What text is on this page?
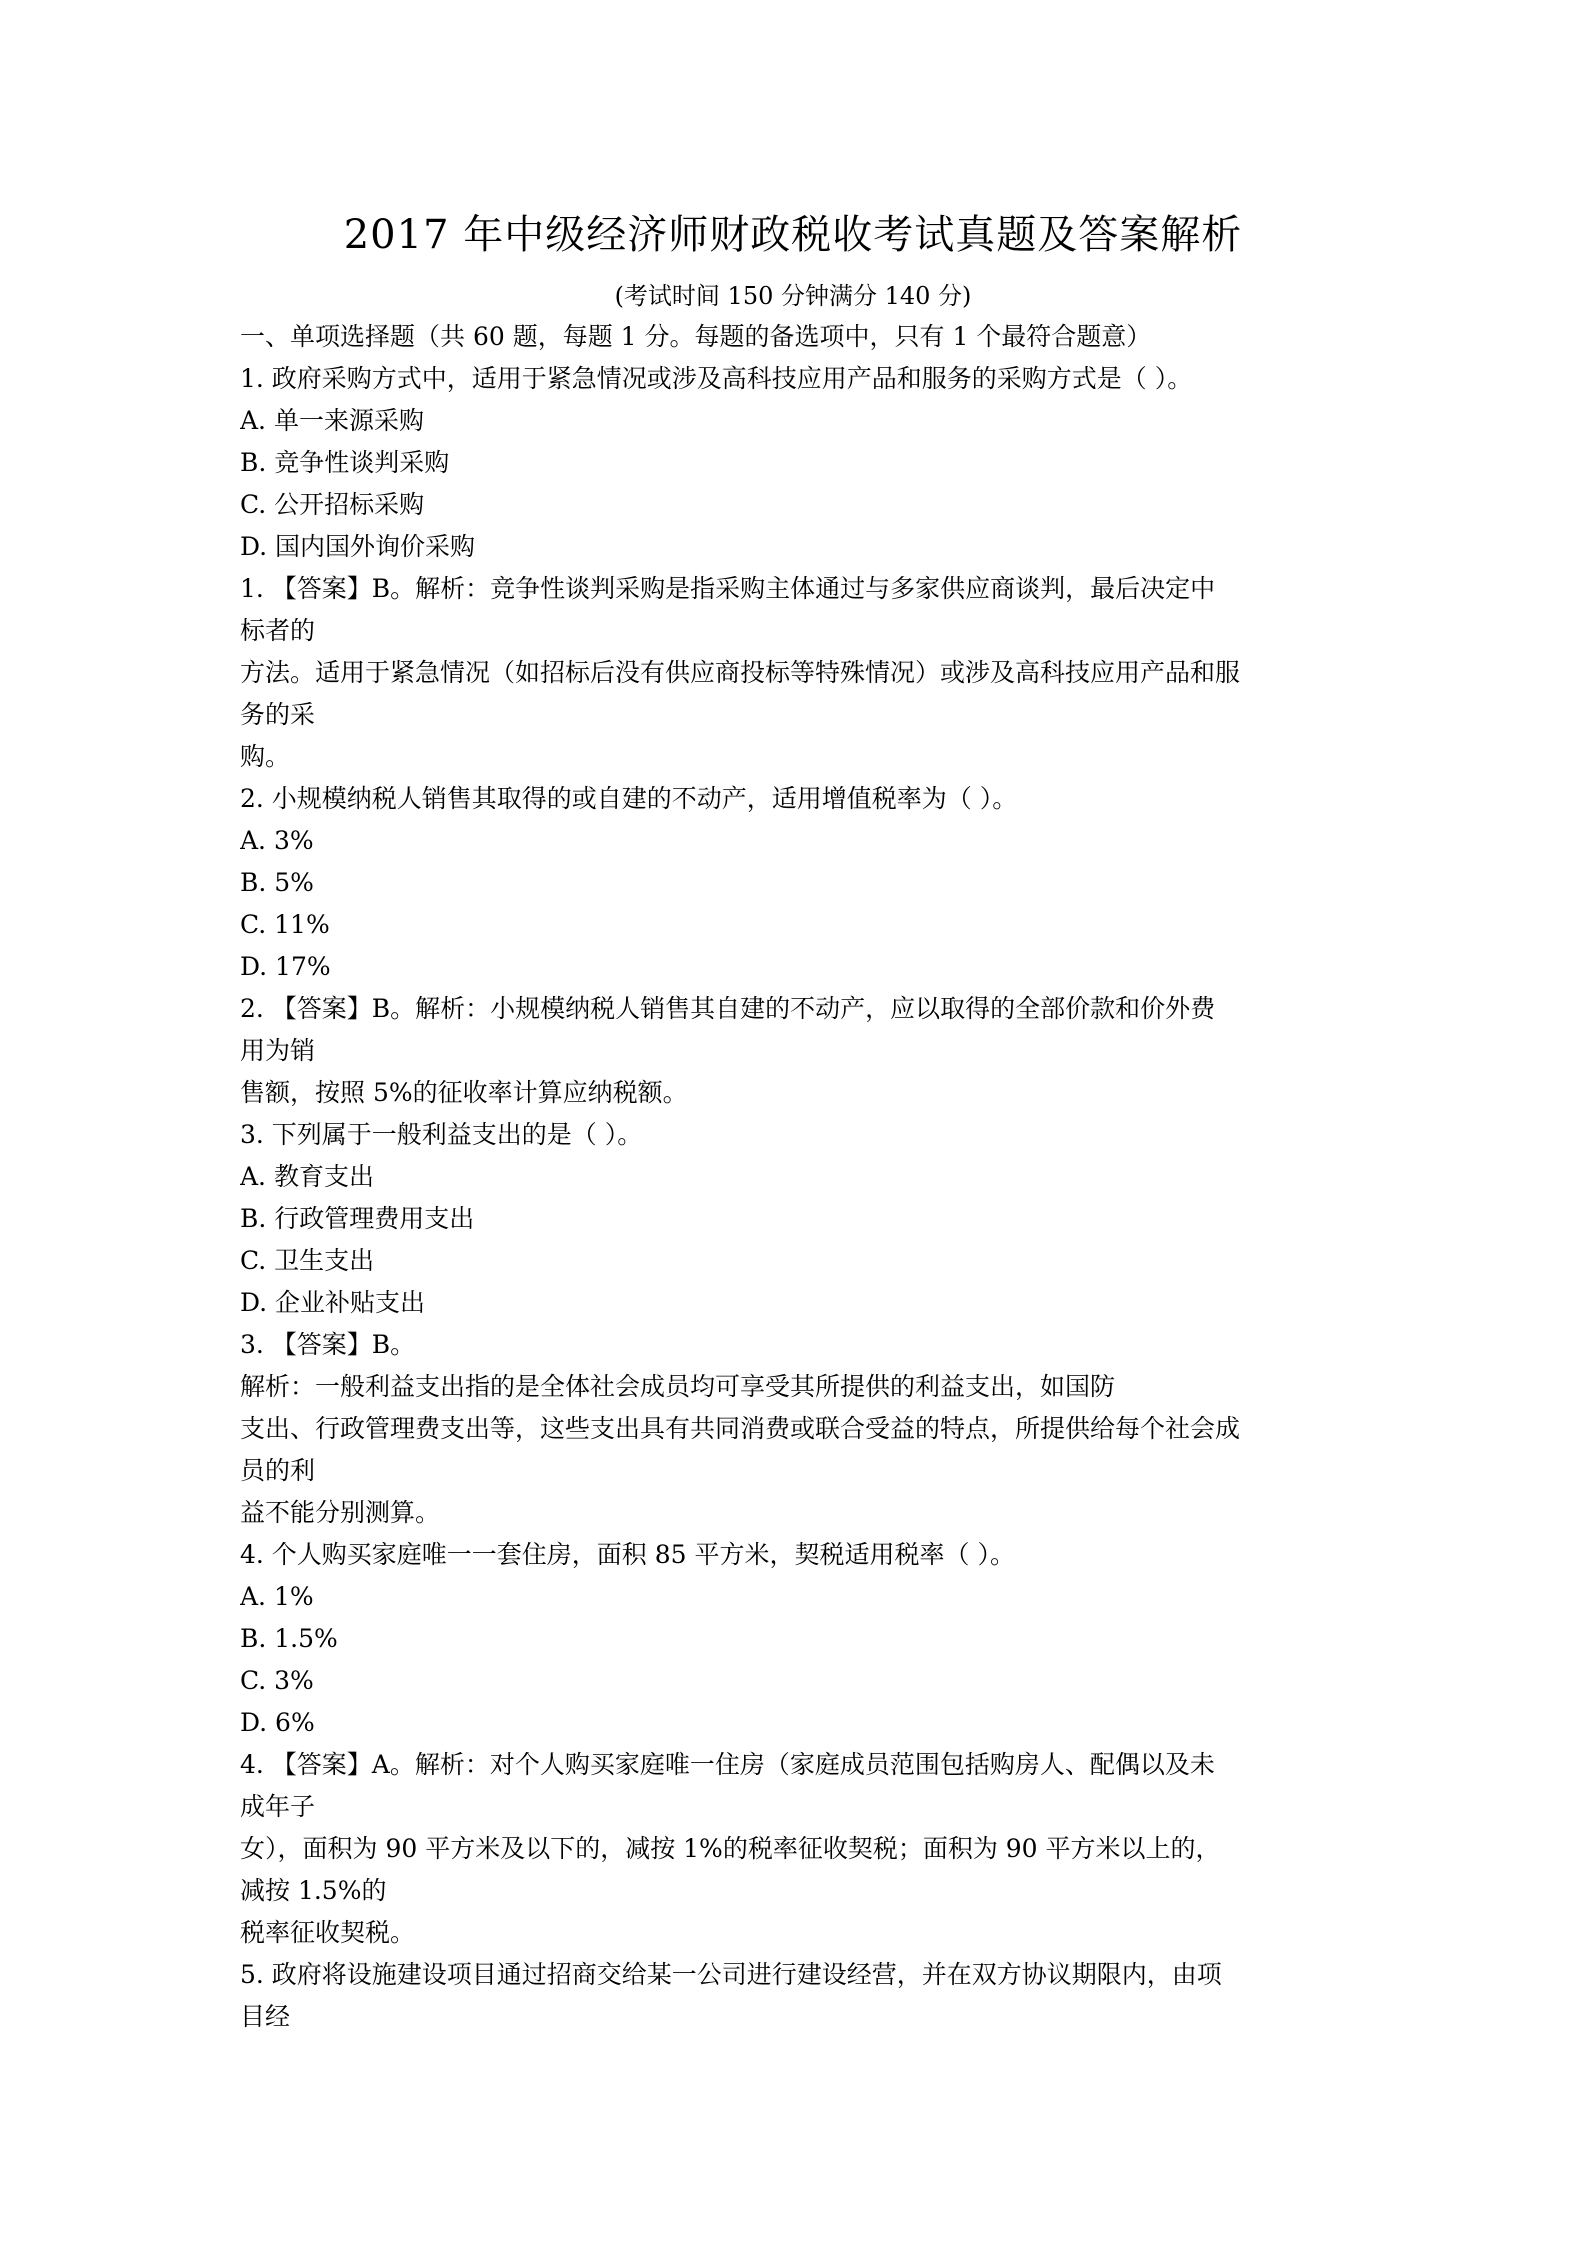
2017 年中级经济师财政税收考试真题及答案解析
(考试时间 150 分钟满分 140 分)
一、单项选择题（共 60 题，每题 1 分。每题的备选项中，只有 1 个最符合题意）
1. 政府采购方式中，适用于紧急情况或涉及高科技应用产品和服务的采购方式是（ ）。
A. 单一来源采购
B. 竞争性谈判采购
C. 公开招标采购
D. 国内国外询价采购
1. 【答案】B。解析：竞争性谈判采购是指采购主体通过与多家供应商谈判，最后决定中
标者的
方法。适用于紧急情况（如招标后没有供应商投标等特殊情况）或涉及高科技应用产品和服
务的采
购。
2. 小规模纳税人销售其取得的或自建的不动产，适用增值税率为（ ）。
A. 3%
B. 5%
C. 11%
D. 17%
2. 【答案】B。解析：小规模纳税人销售其自建的不动产，应以取得的全部价款和价外费
用为销
售额，按照 5%的征收率计算应纳税额。
3. 下列属于一般利益支出的是（ ）。
A. 教育支出
B. 行政管理费用支出
C. 卫生支出
D. 企业补贴支出
3. 【答案】B。
解析：一般利益支出指的是全体社会成员均可享受其所提供的利益支出，如国防
支出、行政管理费支出等，这些支出具有共同消费或联合受益的特点，所提供给每个社会成
员的利
益不能分别测算。
4. 个人购买家庭唯一一套住房，面积 85 平方米，契税适用税率（ ）。
A. 1%
B. 1.5%
C. 3%
D. 6%
4. 【答案】A。解析：对个人购买家庭唯一住房（家庭成员范围包括购房人、配偶以及未
成年子
女），面积为 90 平方米及以下的，减按 1%的税率征收契税；面积为 90 平方米以上的，
减按 1.5%的
税率征收契税。
5. 政府将设施建设项目通过招商交给某一公司进行建设经营，并在双方协议期限内，由项
目经
